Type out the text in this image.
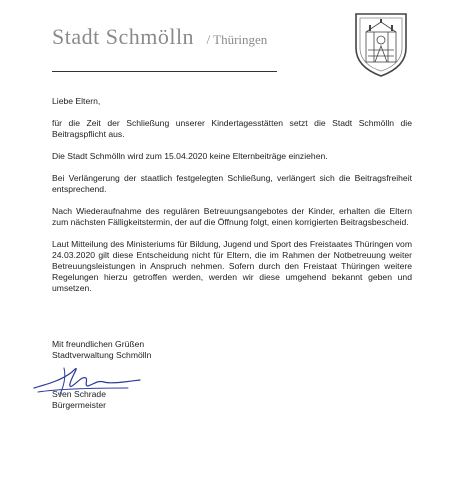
Stadt Schmölln / Thüringen

Liebe Eltern,

für die Zeit der Schließung unserer Kindertagesstätten setzt die Stadt Schmölln die Beitragspflicht aus.

Die Stadt Schmölln wird zum 15.04.2020 keine Elternbeiträge einziehen.

Bei Verlängerung der staatlich festgelegten Schließung, verlängert sich die Beitragsfreiheit entsprechend.

Nach Wiederaufnahme des regulären Betreuungsangebotes der Kinder, erhalten die Eltern zum nächsten Fälligkeitstermin, der auf die Öffnung folgt, einen korrigierten Beitragsbescheid.

Laut Mitteilung des Ministeriums für Bildung, Jugend und Sport des Freistaates Thüringen vom 24.03.2020 gilt diese Entscheidung nicht für Eltern, die im Rahmen der Notbetreuung weiter Betreuungsleistungen in Anspruch nehmen. Sofern durch den Freistaat Thüringen weitere Regelungen hierzu getroffen werden, werden wir diese umgehend bekannt geben und umsetzen.

Mit freundlichen Grüßen
Stadtverwaltung Schmölln
Sven Schrade
Bürgermeister
